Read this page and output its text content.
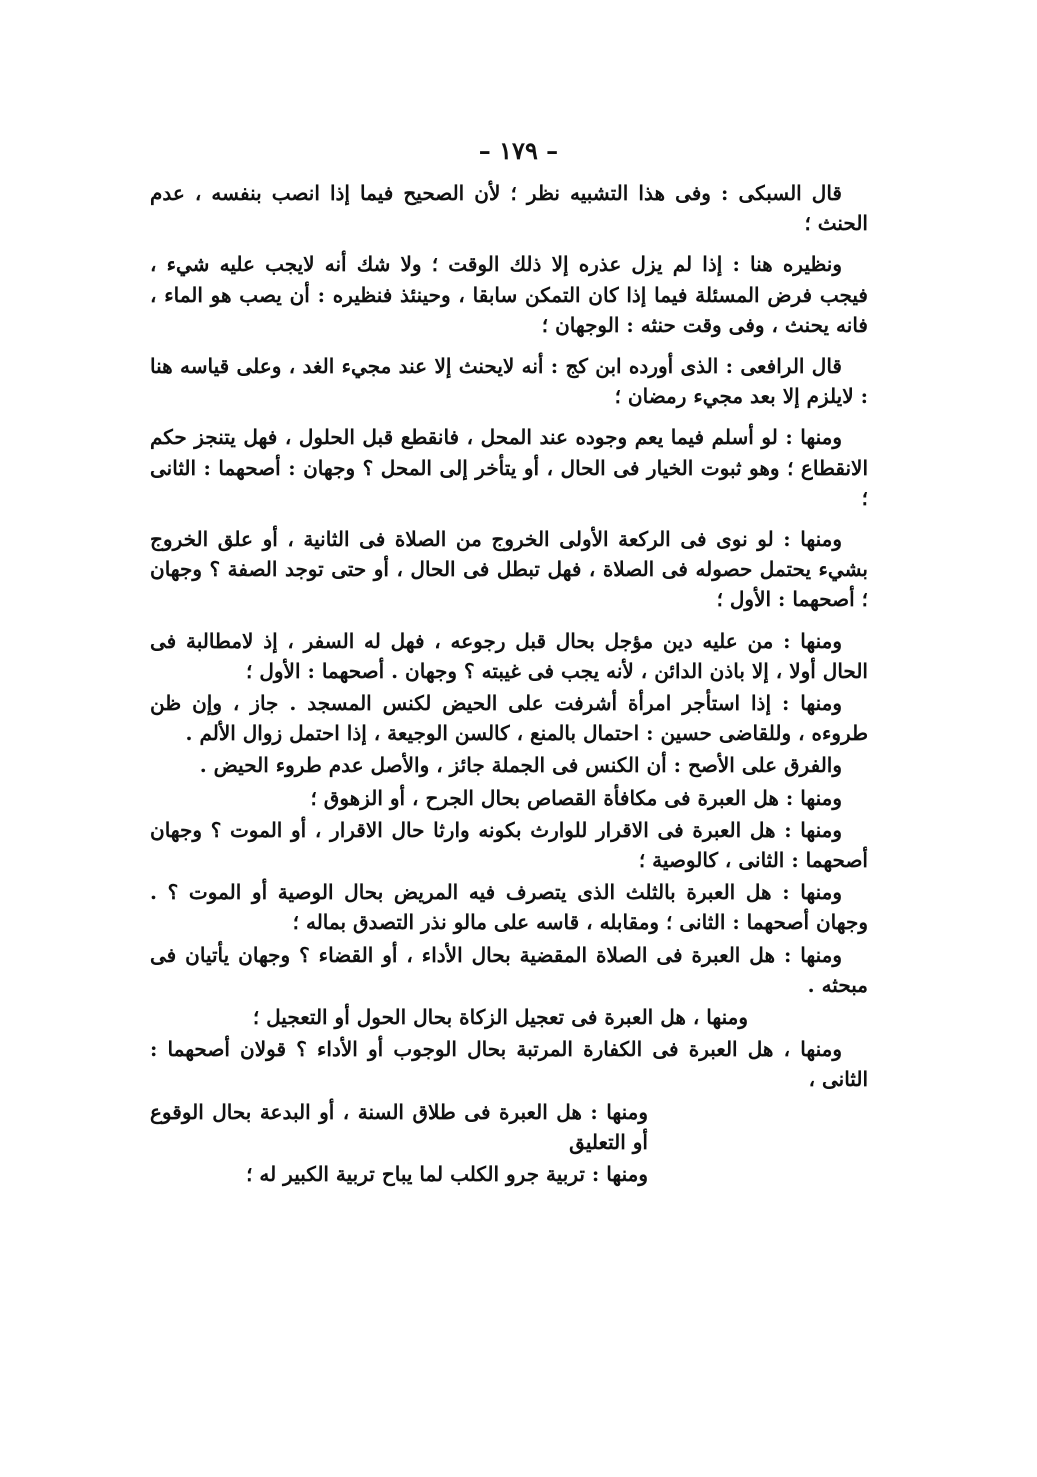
– ١٧٩ –

قال السبكى : وفى هذا التشبيه نظر ؛ لأن الصحيح فيما إذا انصب بنفسه ، عدم الحنث ؛

ونظيره هنا : إذا لم يزل عذره إلا ذلك الوقت ؛ ولا شك أنه لايجب عليه شيء ، فيجب فرض المسئلة فيما إذا كان التمكن سابقا ، وحينئذ فنظيره : أن يصب هو الماء ، فانه يحنث ، وفى وقت حنثه : الوجهان ؛

قال الرافعى : الذى أورده ابن كج : أنه لايحنث إلا عند مجيء الغد ، وعلى قياسه هنا : لايلزم إلا بعد مجيء رمضان ؛

ومنها : لو أسلم فيما يعم وجوده عند المحل ، فانقطع قبل الحلول ، فهل يتنجز حكم الانقطاع ؛ وهو ثبوت الخيار فى الحال ، أو يتأخر إلى المحل ؟ وجهان : أصحهما : الثانى ؛

ومنها : لو نوى فى الركعة الأولى الخروج من الصلاة فى الثانية ، أو علق الخروج بشيء يحتمل حصوله فى الصلاة ، فهل تبطل فى الحال ، أو حتى توجد الصفة ؟ وجهان ؛ أصحهما : الأول ؛

ومنها : من عليه دين مؤجل بحال قبل رجوعه ، فهل له السفر ، إذ لامطالبة فى الحال أولا ، إلا باذن الدائن ، لأنه يجب فى غيبته ؟ وجهان . أصحهما : الأول ؛

ومنها : إذا استأجر امرأة أشرفت على الحيض لكنس المسجد . جاز ، وإن ظن طروءه ، وللقاضى حسين : احتمال بالمنع ، كالسن الوجيعة ، إذا احتمل زوال الألم .

والفرق على الأصح : أن الكنس فى الجملة جائز ، والأصل عدم طروء الحيض .

ومنها : هل العبرة فى مكافأة القصاص بحال الجرح ، أو الزهوق ؛

ومنها : هل العبرة فى الاقرار للوارث بكونه وارثا حال الاقرار ، أو الموت ؟ وجهان أصحهما : الثانى ، كالوصية ؛

ومنها : هل العبرة بالثلث الذى يتصرف فيه المريض بحال الوصية أو الموت ؟ . وجهان أصحهما : الثانى ؛ ومقابله ، قاسه على مالو نذر التصدق بماله ؛

ومنها : هل العبرة فى الصلاة المقضية بحال الأداء ، أو القضاء ؟ وجهان يأتيان فى مبحثه .

ومنها ، هل العبرة فى تعجيل الزكاة بحال الحول أو التعجيل ؛

ومنها ، هل العبرة فى الكفارة المرتبة بحال الوجوب أو الأداء ؟ قولان أصحهما : الثانى ،

ومنها : هل العبرة فى طلاق السنة ، أو البدعة بحال الوقوع أو التعليق

ومنها : تربية جرو الكلب لما يباح تربية الكبير له ؛
